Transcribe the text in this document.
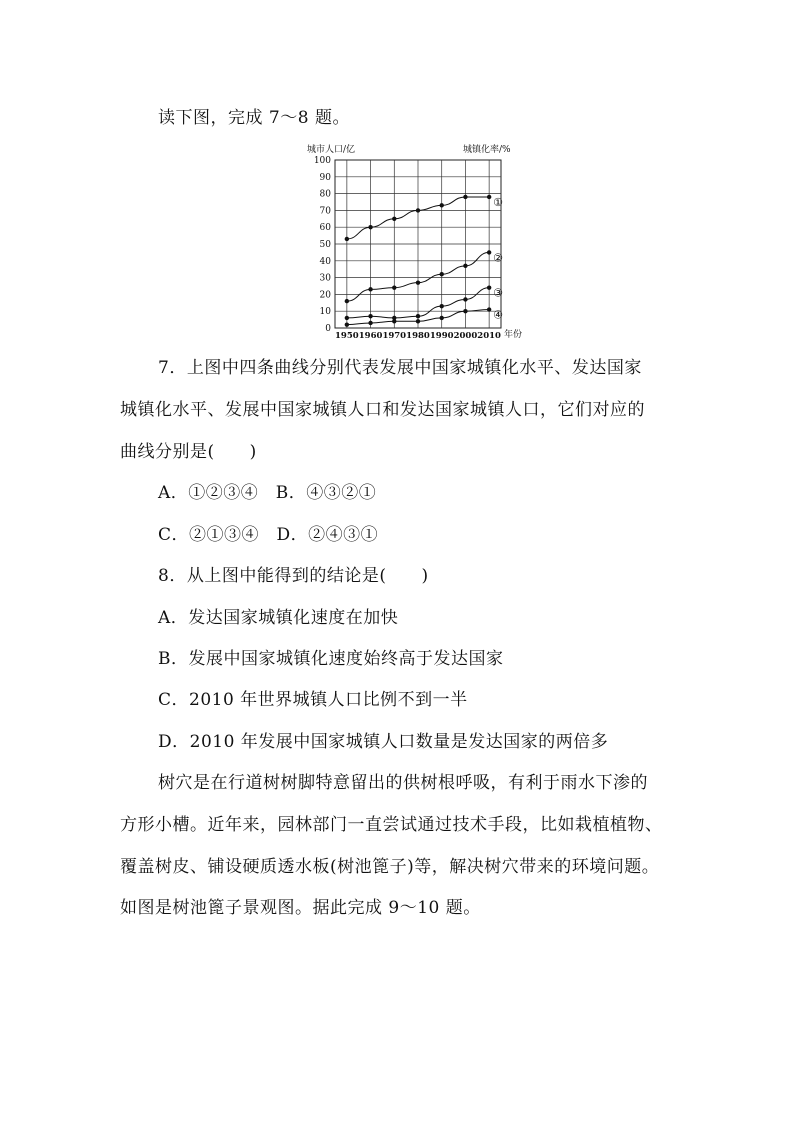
读下图，完成 7～8 题。
0
10
20
30
40
50
60
70
80
90
100
1950 1960 1970 1980 1990 2000 2010
①
②
③
④
城市人口/亿	城镇化率/%
年份
7．上图中四条曲线分别代表发展中国家城镇化水平、发达国家
城镇化水平、发展中国家城镇人口和发达国家城镇人口，它们对应的
曲线分别是(　　)
A．①②③④　B．④③②①
C．②①③④　D．②④③①
8．从上图中能得到的结论是(　　)
A．发达国家城镇化速度在加快
B．发展中国家城镇化速度始终高于发达国家
C．2010 年世界城镇人口比例不到一半
D．2010 年发展中国家城镇人口数量是发达国家的两倍多
树穴是在行道树树脚特意留出的供树根呼吸，有利于雨水下渗的
方形小槽。近年来，园林部门一直尝试通过技术手段，比如栽植植物、
覆盖树皮、铺设硬质透水板(树池篦子)等，解决树穴带来的环境问题。
如图是树池篦子景观图。据此完成 9～10 题。
